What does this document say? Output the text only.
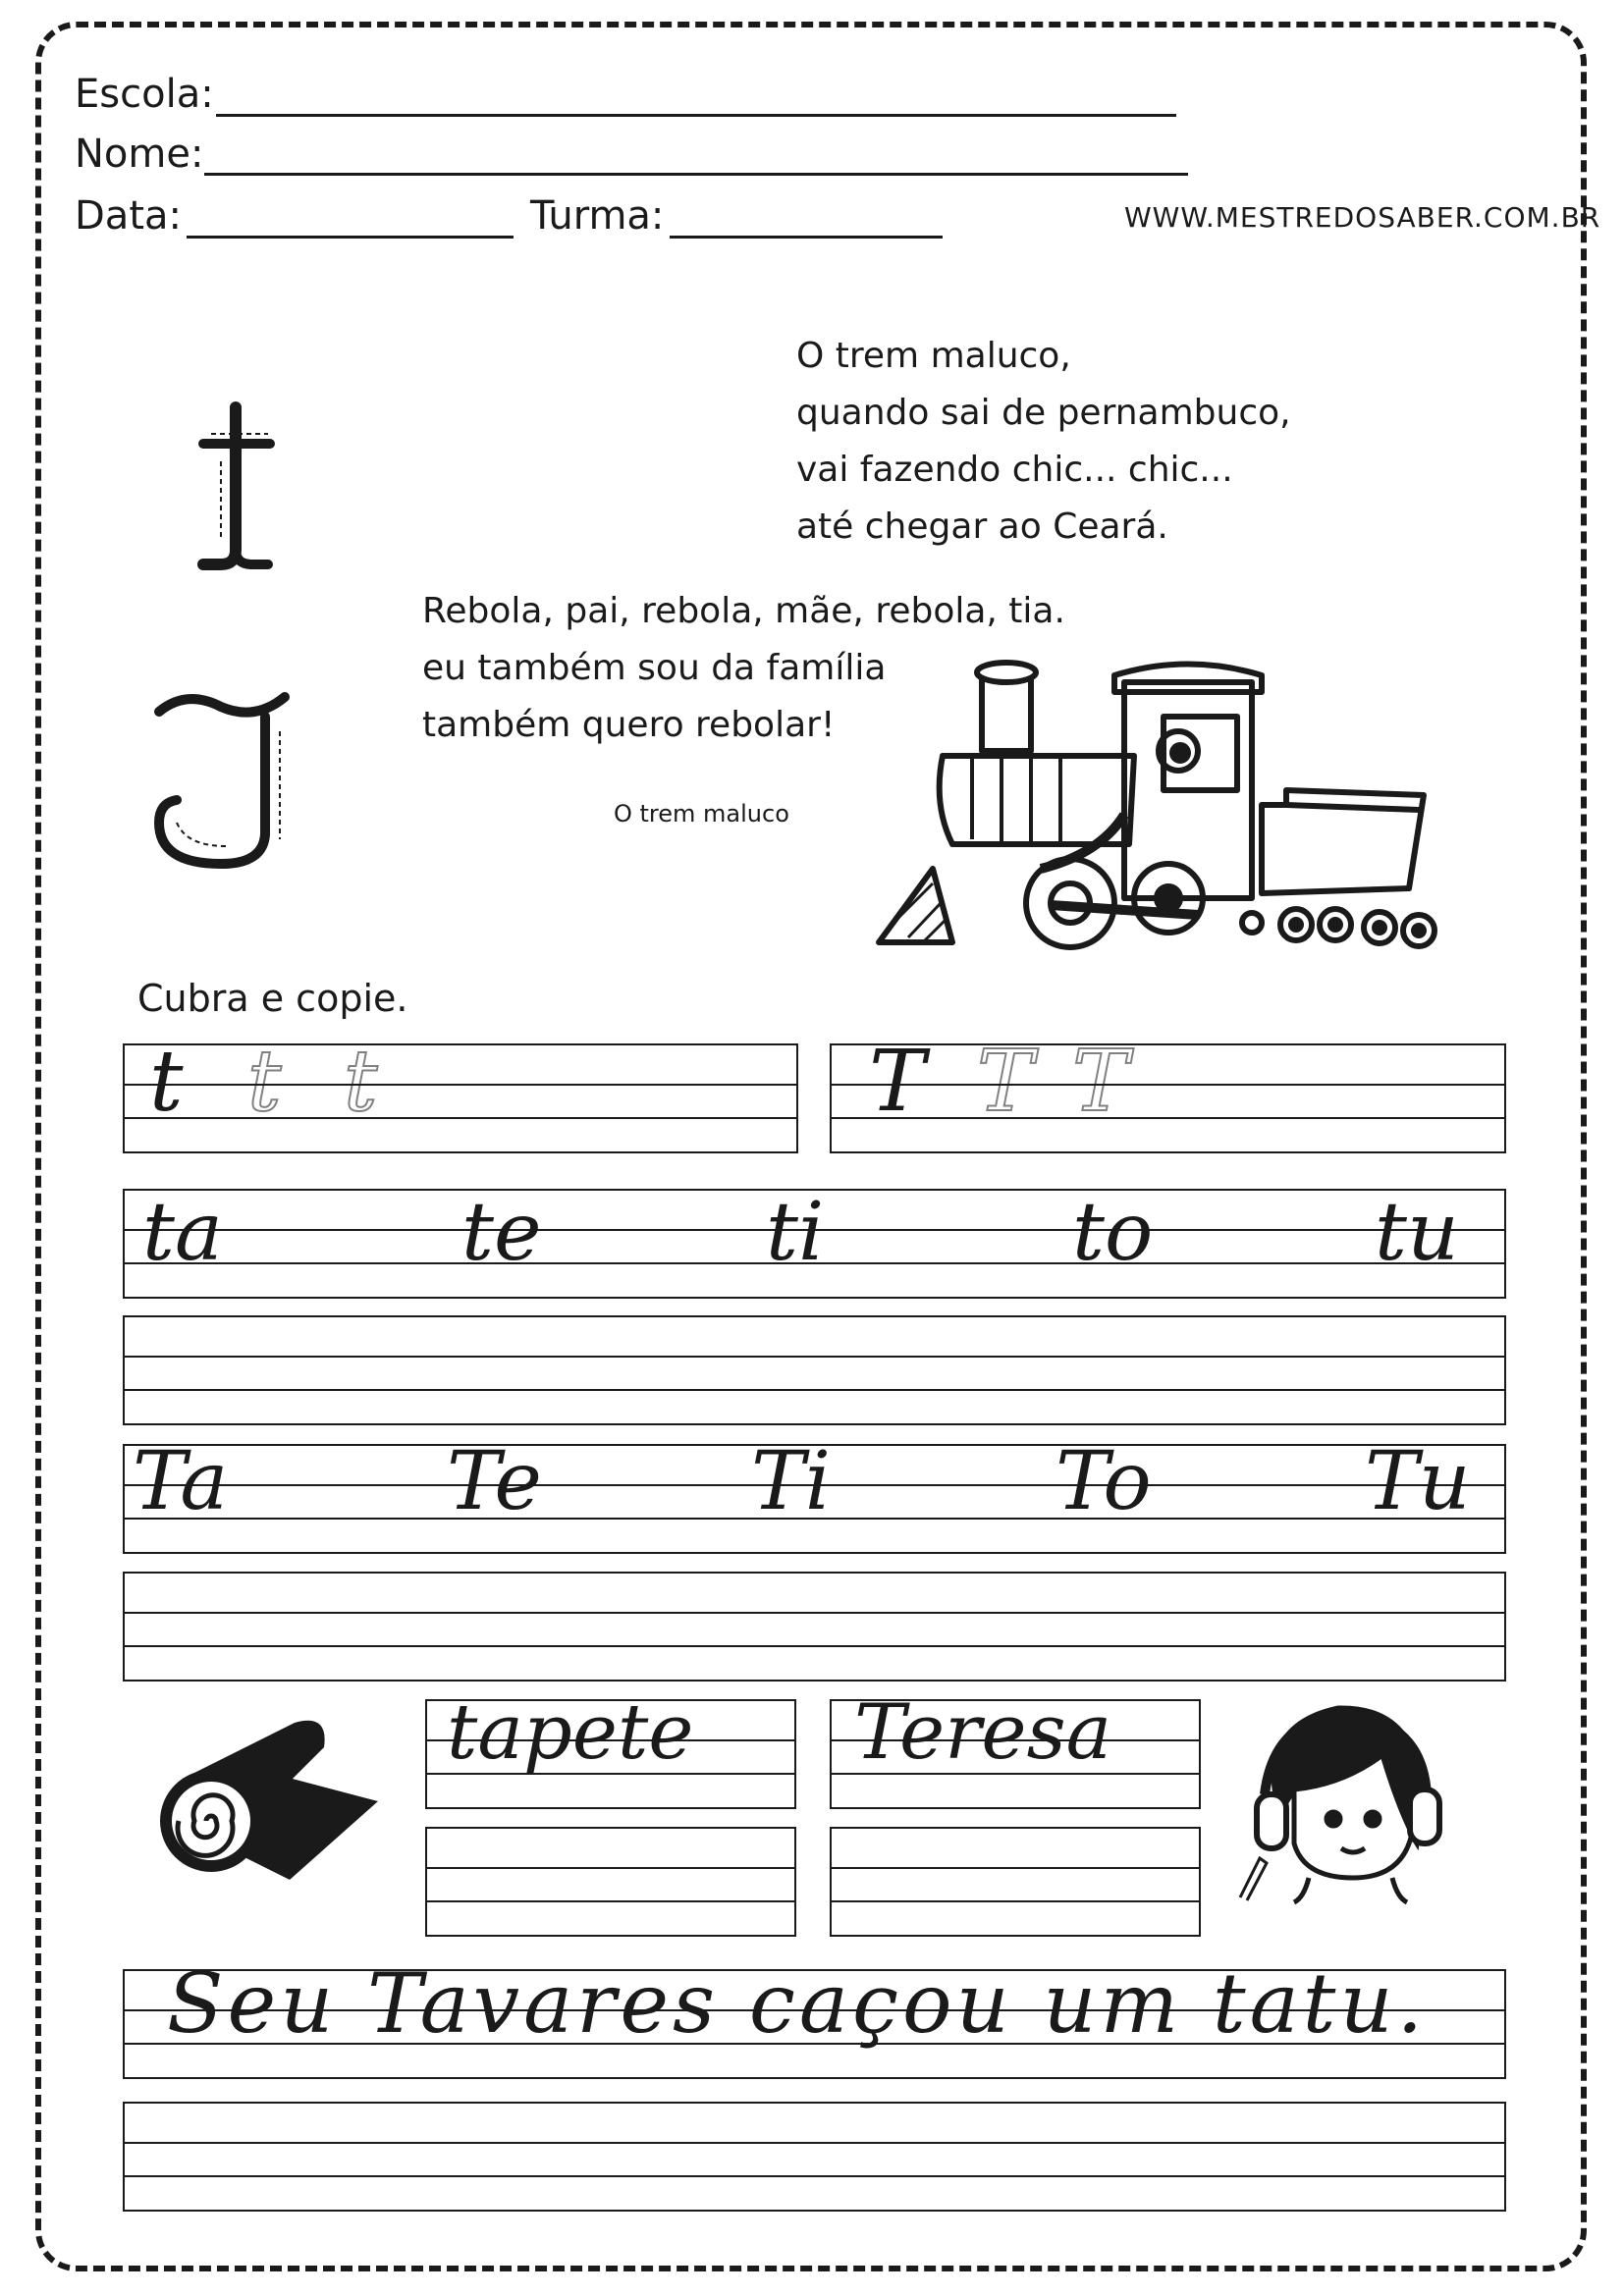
Escola:
Nome:
Data:	Turma:	WWW.MESTREDOSABER.COM.BR
O trem maluco,
quando sai de pernambuco,
vai fazendo chic... chic...
até chegar ao Ceará.
Rebola, pai, rebola, mãe, rebola, tia.
eu também sou da família
também quero rebolar!
O trem maluco
Cubra e copie.
t t t	T T T
ta	te	ti	to	tu
Ta	Te	Ti	To	Tu
tapete Teresa
Seu Tavares caçou um tatu.
